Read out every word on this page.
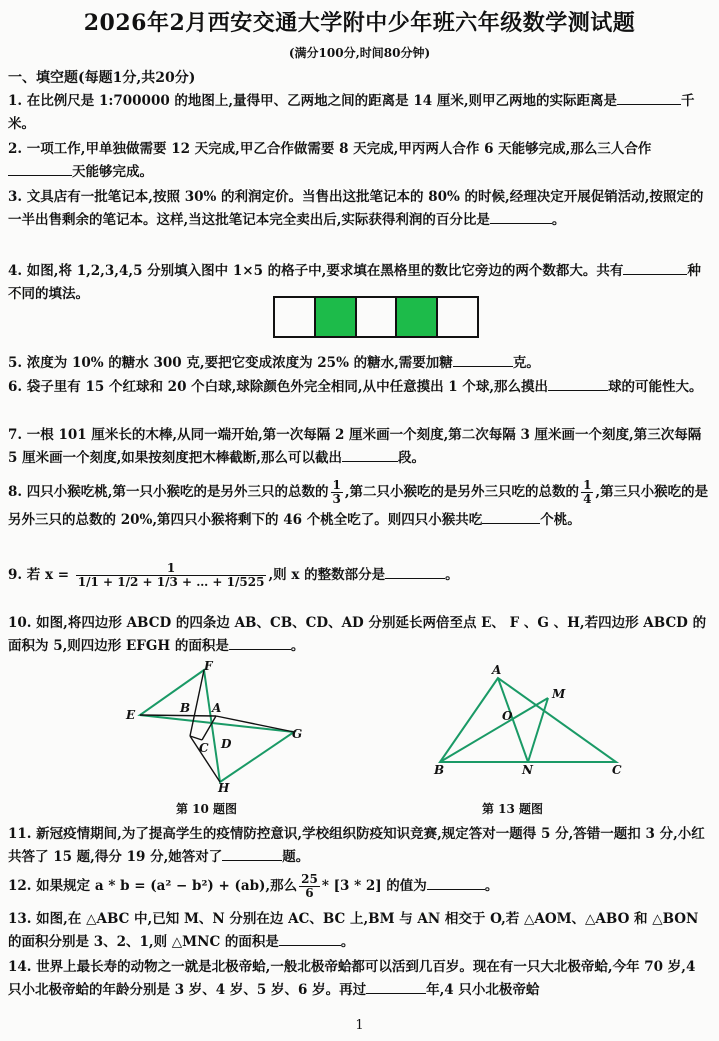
2026年2月西安交通大学附中少年班六年级数学测试题
(满分100分,时间80分钟)
一、填空题(每题1分,共20分)
1. 在比例尺是 1:700000 的地图上,量得甲、乙两地之间的距离是 14 厘米,则甲乙两地的实际距离是	千米。
2. 一项工作,甲单独做需要 12 天完成,甲乙合作做需要 8 天完成,甲丙两人合作 6 天能够完成,那么三人合作天能够完成。
3. 文具店有一批笔记本,按照 30% 的利润定价。当售出这批笔记本的 80% 的时候,经理决定开展促销活动,按照定的一半出售剩余的笔记本。这样,当这批笔记本完全卖出后,实际获得利润的百分比是	。
4. 如图,将 1,2,3,4,5 分别填入图中 1×5 的格子中,要求填在黑格里的数比它旁边的两个数都大。共有	种不同的填法。
5. 浓度为 10% 的糖水 300 克,要把它变成浓度为 25% 的糖水,需要加糖	克。
6. 袋子里有 15 个红球和 20 个白球,球除颜色外完全相同,从中任意摸出 1 个球,那么摸出	球的可能性大。
7. 一根 101 厘米长的木棒,从同一端开始,第一次每隔 2 厘米画一个刻度,第二次每隔 3 厘米画一个刻度,第三次每隔 5 厘米画一个刻度,如果按刻度把木棒截断,那么可以截出	段。
8. 四只小猴吃桃,第一只小猴吃的是另外三只的总数的 $\frac{1}{3}$ ,第二只小猴吃的是另外三只吃的总数的 $\frac{1}{4}$ ,第三只小猴吃的是另外三只的总数的 20%,第四只小猴将剩下的 46 个桃全吃了。则四只小猴共吃	个桃。
9. 若 $x = \frac{1}{1/1 + 1/2 + 1/3 + \dots + 1/525}$ ,则 x 的整数部分是	。
10. 如图,将四边形 ABCD 的四条边 AB、CB、CD、AD 分别延长两倍至点 E、 F 、G 、H,若四边形 ABCD 的面积为 5,则四边形 EFGH 的面积是	。
F
E	B A
C D
G
H
第 10 题图
A
M
O
B	N	C
第 13 题图
11. 新冠疫情期间,为了提高学生的疫情防控意识,学校组织防疫知识竞赛,规定答对一题得 5 分,答错一题扣 3 分,小红共答了 15 题,得分 19 分,她答对了	题。
12. 如果规定 a * b = (a² − b²) + (ab),那么 $\frac{25}{6} * [3 * 2]$ 的值为	。
13. 如图,在 △ABC 中,已知 M、N 分别在边 AC、BC 上,BM 与 AN 相交于 O,若 △AOM、△ABO 和 △BON 的面积分别是 3、2、1,则 △MNC 的面积是	。
14. 世界上最长寿的动物之一就是北极帝蛤,一般北极帝蛤都可以活到几百岁。现在有一只大北极帝蛤,今年 70 岁,4 只小北极帝蛤的年龄分别是 3 岁、4 岁、5 岁、6 岁。再过	年,4 只小北极帝蛤
1
